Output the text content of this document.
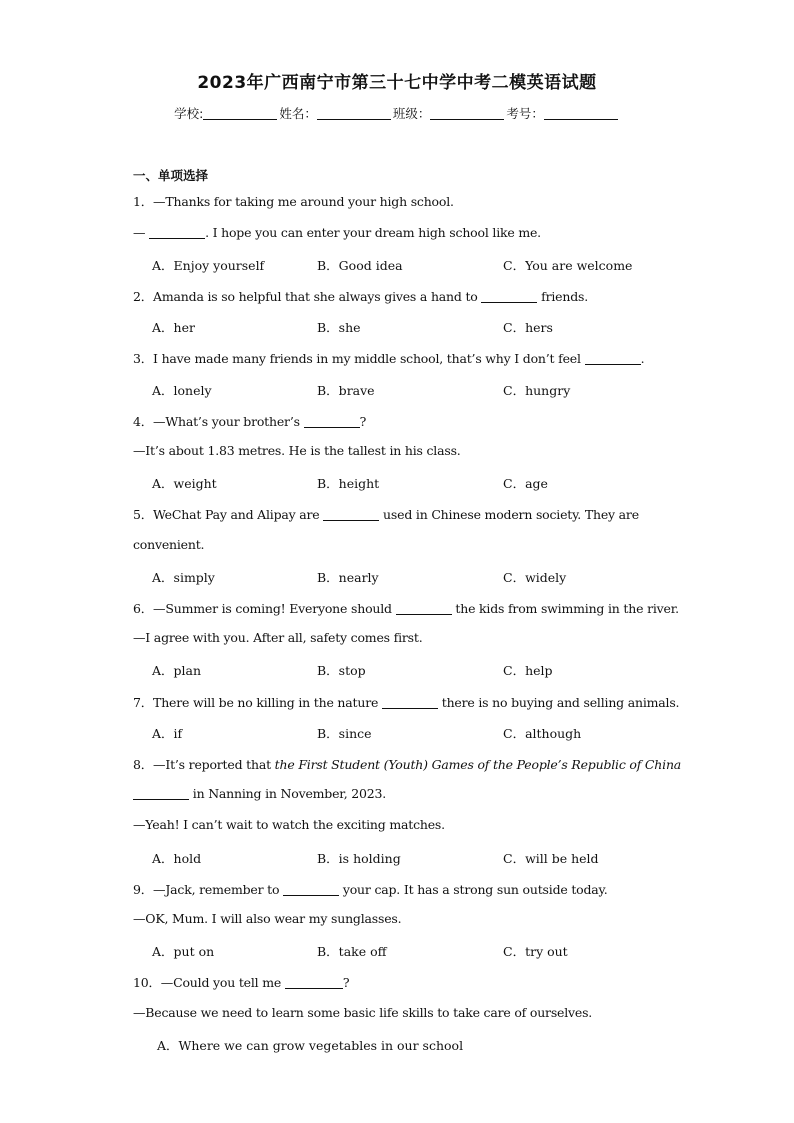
2023年广西南宁市第三十七中学中考二模英语试题
学校:	姓名：	班级：	考号：
一、单项选择
1．—Thanks for taking me around your high school.
—	. I hope you can enter your dream high school like me.
A．Enjoy yourself	B．Good idea	C．You are welcome
2．Amanda is so helpful that she always gives a hand to	friends.
A．her	B．she	C．hers
3．I have made many friends in my middle school, that’s why I don’t feel	.
A．lonely	B．brave	C．hungry
4．—What’s your brother’s	?
—It’s about 1.83 metres. He is the tallest in his class.
A．weight	B．height	C．age
5．WeChat Pay and Alipay are	used in Chinese modern society. They are
convenient.
A．simply	B．nearly	C．widely
6．—Summer is coming! Everyone should	the kids from swimming in the river.
—I agree with you. After all, safety comes first.
A．plan	B．stop	C．help
7．There will be no killing in the nature	there is no buying and selling animals.
A．if	B．since	C．although
8．—It’s reported that the First Student (Youth) Games of the People’s Republic of China
in Nanning in November, 2023.
—Yeah! I can’t wait to watch the exciting matches.
A．hold	B．is holding	C．will be held
9．—Jack, remember to	your cap. It has a strong sun outside today.
—OK, Mum. I will also wear my sunglasses.
A．put on	B．take off	C．try out
10．—Could you tell me	?
—Because we need to learn some basic life skills to take care of ourselves.
A．Where we can grow vegetables in our school
